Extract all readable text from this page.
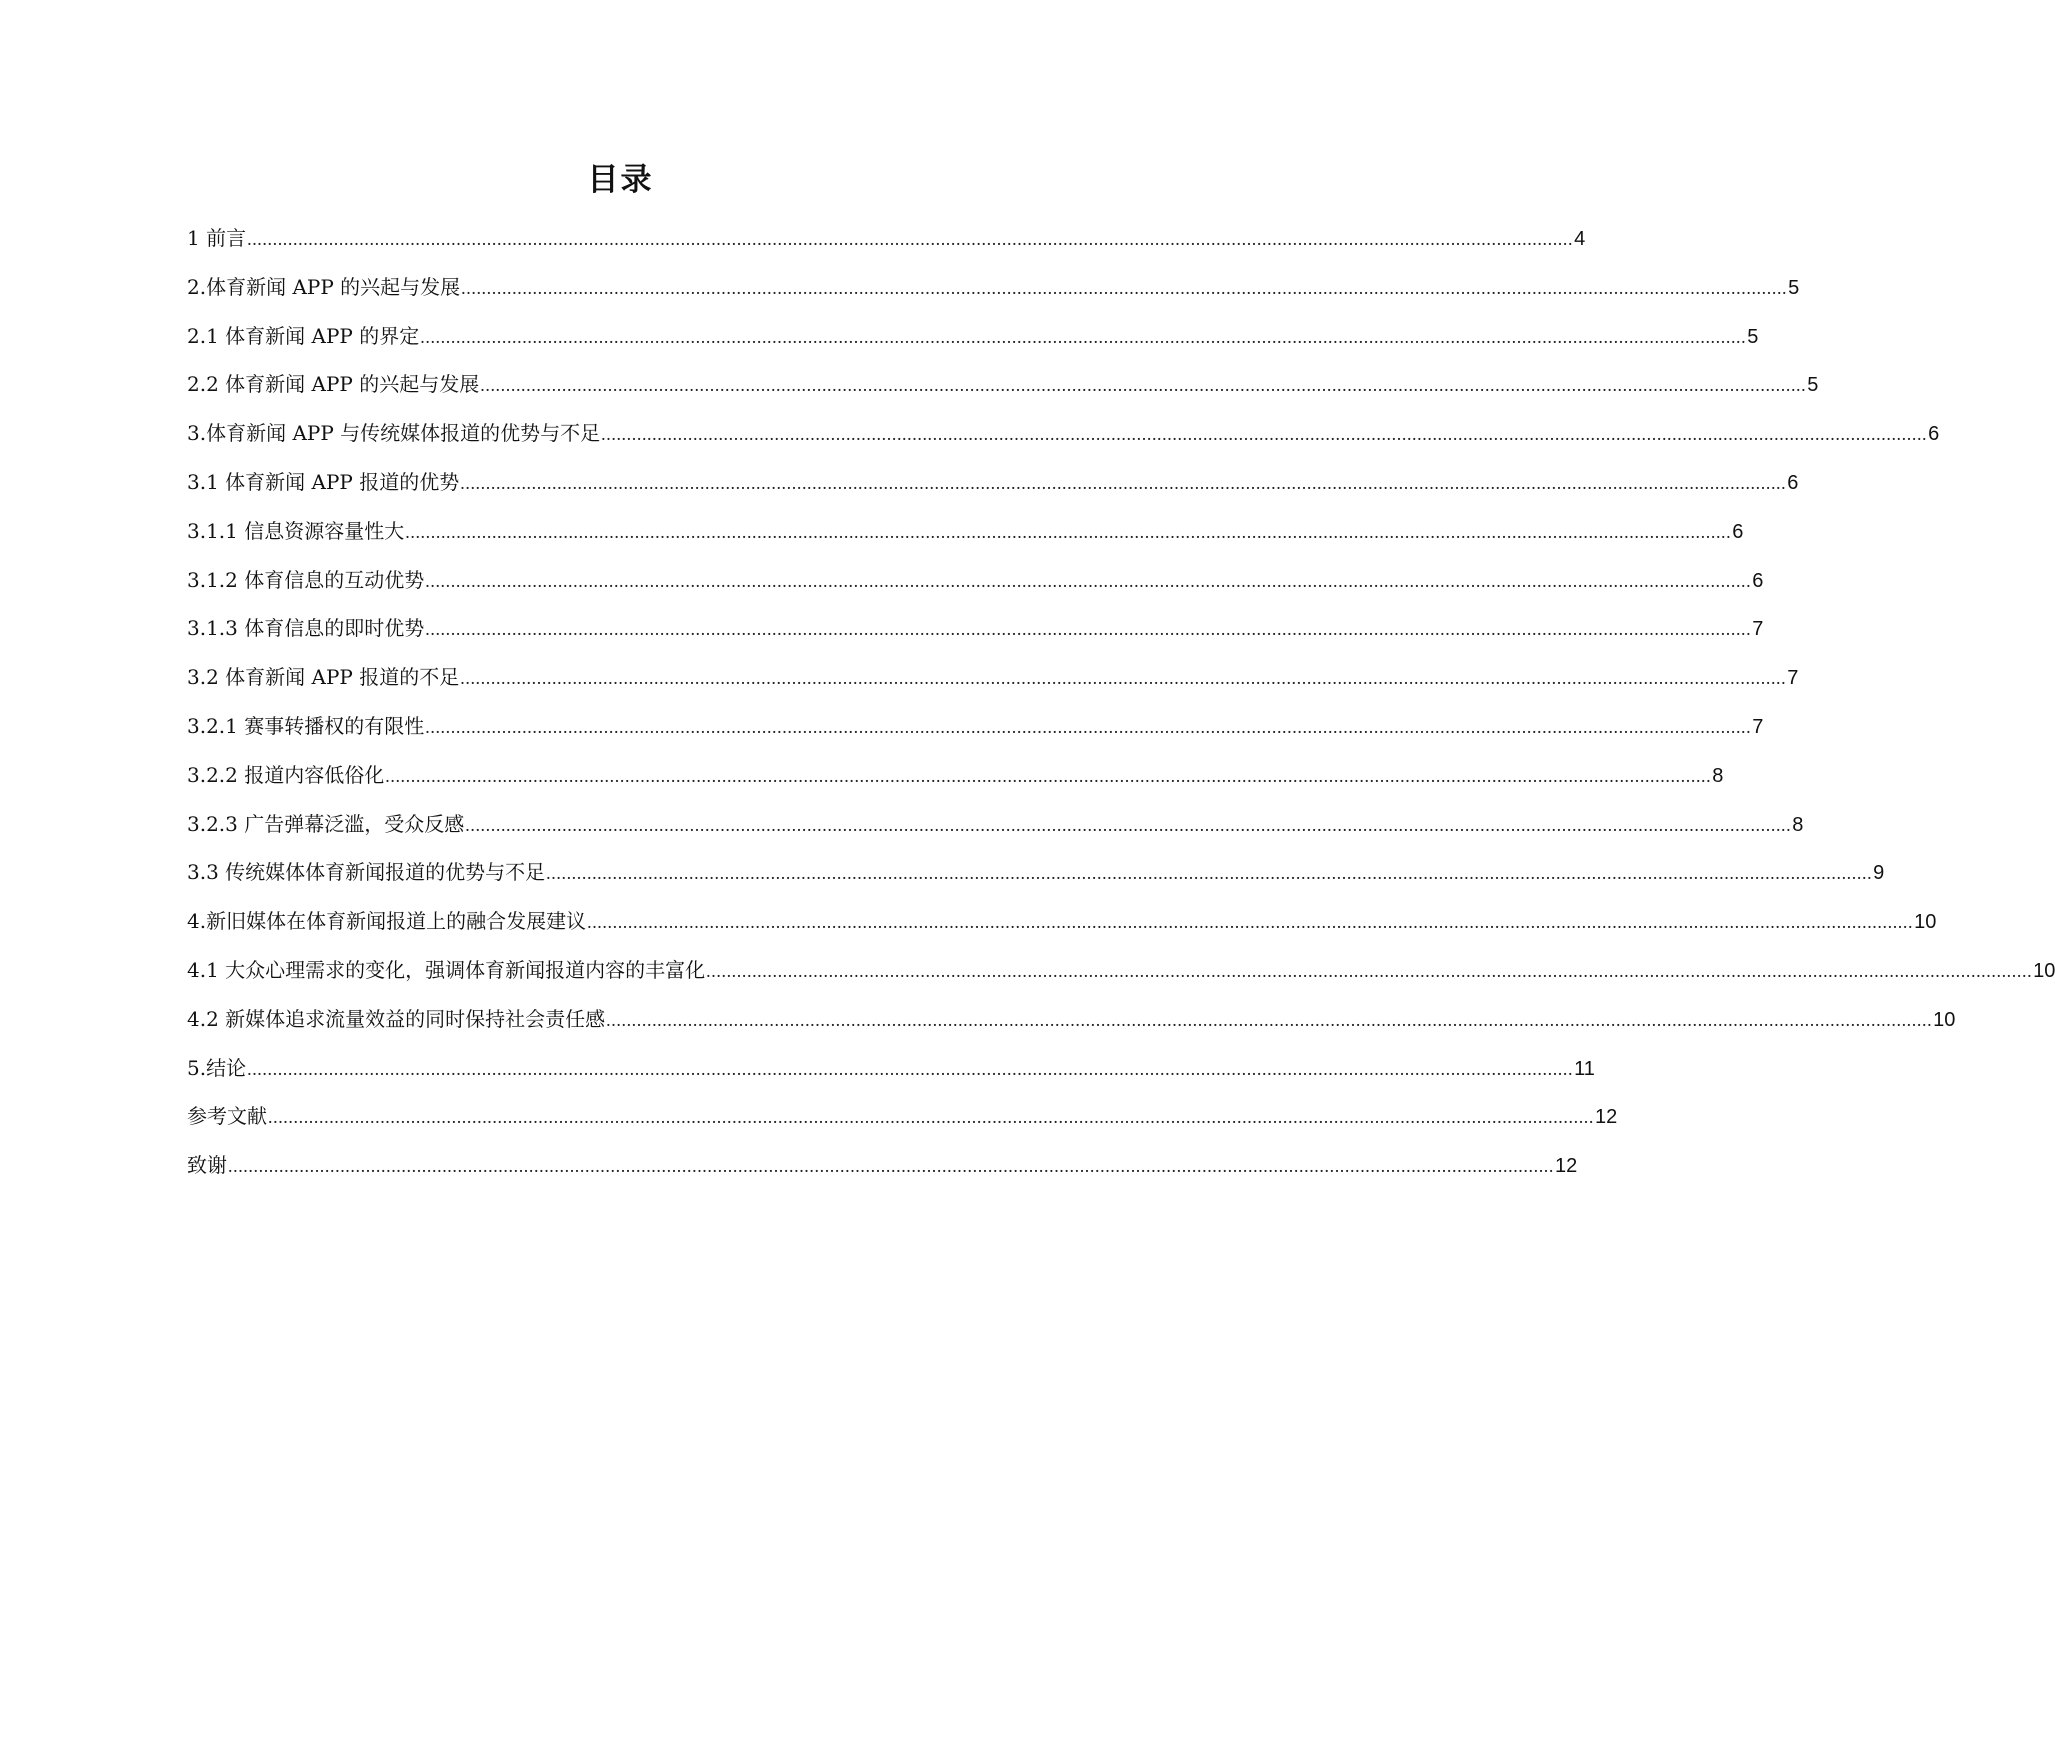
目录
1 前言 .................................................................................................................................................................................................................................................................... 4
2.体育新闻 APP 的兴起与发展 .................................................................................................................................................................................................................................................................... 5
2.1 体育新闻 APP 的界定 .................................................................................................................................................................................................................................................................... 5
2.2 体育新闻 APP 的兴起与发展 .................................................................................................................................................................................................................................................................... 5
3.体育新闻 APP 与传统媒体报道的优势与不足 .................................................................................................................................................................................................................................................................... 6
3.1 体育新闻 APP 报道的优势 .................................................................................................................................................................................................................................................................... 6
3.1.1 信息资源容量性大 .................................................................................................................................................................................................................................................................... 6
3.1.2 体育信息的互动优势 .................................................................................................................................................................................................................................................................... 6
3.1.3 体育信息的即时优势 .................................................................................................................................................................................................................................................................... 7
3.2 体育新闻 APP 报道的不足 .................................................................................................................................................................................................................................................................... 7
3.2.1 赛事转播权的有限性 .................................................................................................................................................................................................................................................................... 7
3.2.2 报道内容低俗化 .................................................................................................................................................................................................................................................................... 8
3.2.3 广告弹幕泛滥，受众反感 .................................................................................................................................................................................................................................................................... 8
3.3 传统媒体体育新闻报道的优势与不足 .................................................................................................................................................................................................................................................................... 9
4.新旧媒体在体育新闻报道上的融合发展建议 .................................................................................................................................................................................................................................................................... 10
4.1 大众心理需求的变化，强调体育新闻报道内容的丰富化 .................................................................................................................................................................................................................................................................... 10
4.2 新媒体追求流量效益的同时保持社会责任感 .................................................................................................................................................................................................................................................................... 10
5.结论 .................................................................................................................................................................................................................................................................... 11
参考文献 .................................................................................................................................................................................................................................................................... 12
致谢 .................................................................................................................................................................................................................................................................... 12
